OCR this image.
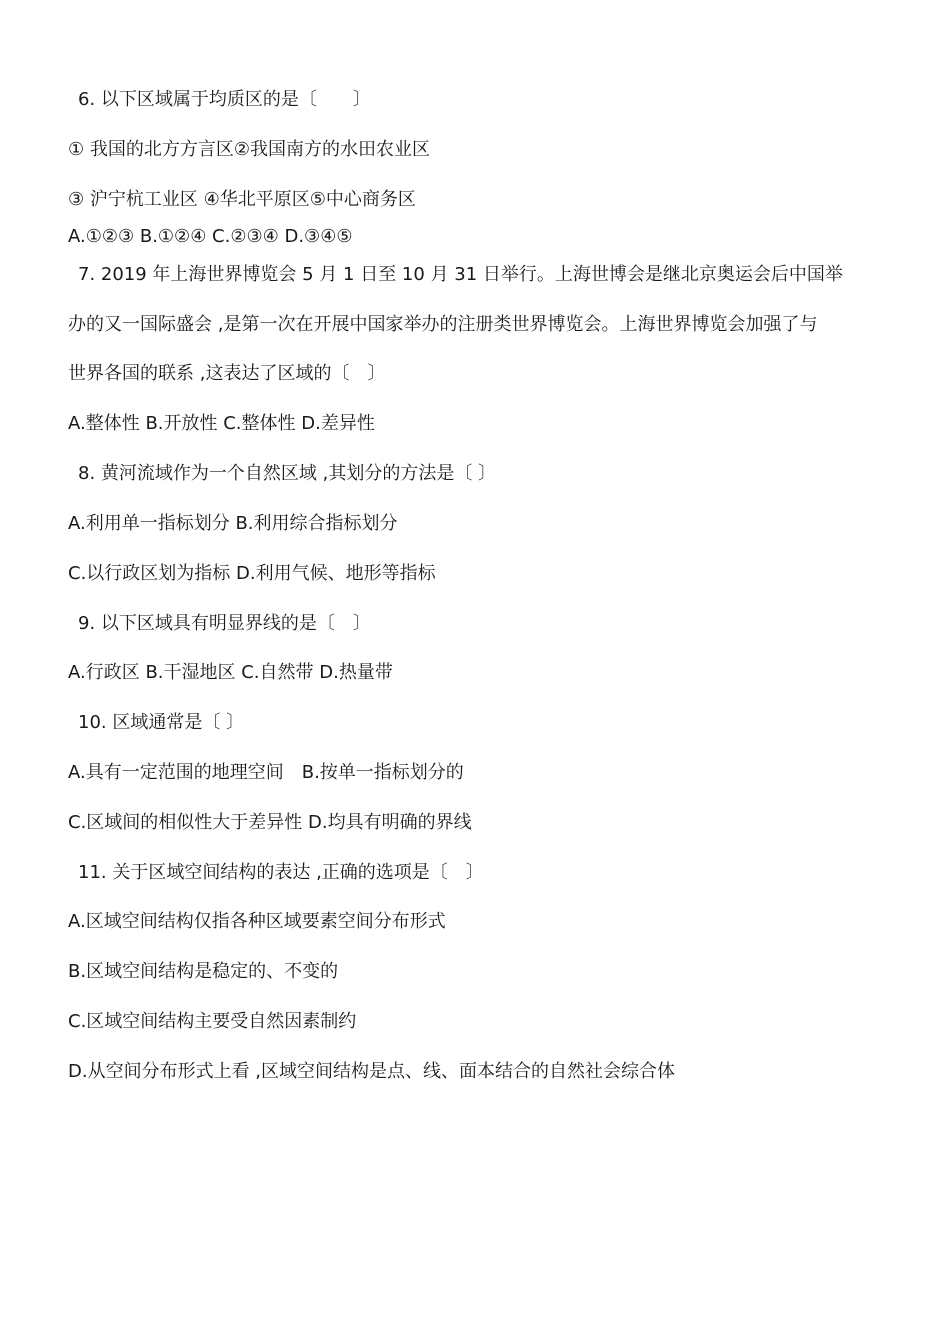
6. 以下区域属于均质区的是〔　　〕
① 我国的北方方言区②我国南方的水田农业区
③ 沪宁杭工业区 ④华北平原区⑤中心商务区
A.①②③ B.①②④ C.②③④ D.③④⑤
7. 2019 年上海世界博览会 5 月 1 日至 10 月 31 日举行。上海世博会是继北京奥运会后中国举
办的又一国际盛会 ,是第一次在开展中国家举办的注册类世界博览会。上海世界博览会加强了与
世界各国的联系 ,这表达了区域的〔　〕
A.整体性 B.开放性 C.整体性 D.差异性
8. 黄河流域作为一个自然区域 ,其划分的方法是〔 〕
A.利用单一指标划分 B.利用综合指标划分
C.以行政区划为指标 D.利用气候、地形等指标
9. 以下区域具有明显界线的是〔　〕
A.行政区 B.干湿地区 C.自然带 D.热量带
10. 区域通常是〔 〕
A.具有一定范围的地理空间　B.按单一指标划分的
C.区域间的相似性大于差异性 D.均具有明确的界线
11. 关于区域空间结构的表达 ,正确的选项是〔　〕
A.区域空间结构仅指各种区域要素空间分布形式
B.区域空间结构是稳定的、不变的
C.区域空间结构主要受自然因素制约
D.从空间分布形式上看 ,区域空间结构是点、线、面本结合的自然社会综合体
